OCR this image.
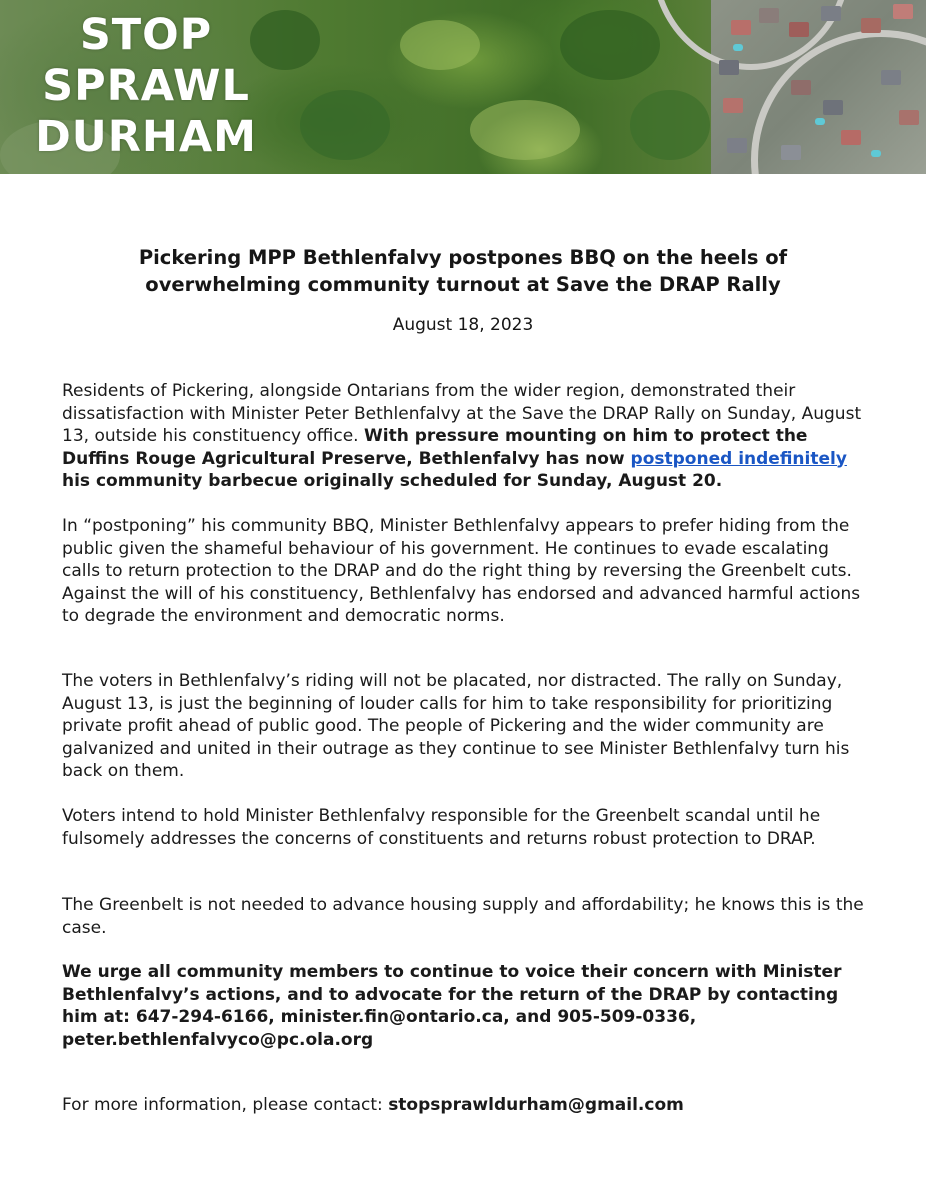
STOP
SPRAWL
DURHAM
Pickering MPP Bethlenfalvy postpones BBQ on the heels of overwhelming community turnout at Save the DRAP Rally
August 18, 2023

Residents of Pickering, alongside Ontarians from the wider region, demonstrated their dissatisfaction with Minister Peter Bethlenfalvy at the Save the DRAP Rally on Sunday, August 13, outside his constituency office. With pressure mounting on him to protect the Duffins Rouge Agricultural Preserve, Bethlenfalvy has now postponed indefinitely his community barbecue originally scheduled for Sunday, August 20.

In “postponing” his community BBQ, Minister Bethlenfalvy appears to prefer hiding from the public given the shameful behaviour of his government. He continues to evade escalating calls to return protection to the DRAP and do the right thing by reversing the Greenbelt cuts. Against the will of his constituency, Bethlenfalvy has endorsed and advanced harmful actions to degrade the environment and democratic norms.

The voters in Bethlenfalvy’s riding will not be placated, nor distracted. The rally on Sunday, August 13, is just the beginning of louder calls for him to take responsibility for prioritizing private profit ahead of public good. The people of Pickering and the wider community are galvanized and united in their outrage as they continue to see Minister Bethlenfalvy turn his back on them.

Voters intend to hold Minister Bethlenfalvy responsible for the Greenbelt scandal until he fulsomely addresses the concerns of constituents and returns robust protection to DRAP.

The Greenbelt is not needed to advance housing supply and affordability; he knows this is the case.

We urge all community members to continue to voice their concern with Minister Bethlenfalvy’s actions, and to advocate for the return of the DRAP by contacting him at: 647-294-6166, minister.fin@ontario.ca, and 905-509-0336, peter.bethlenfalvyco@pc.ola.org

For more information, please contact: stopsprawldurham@gmail.com
